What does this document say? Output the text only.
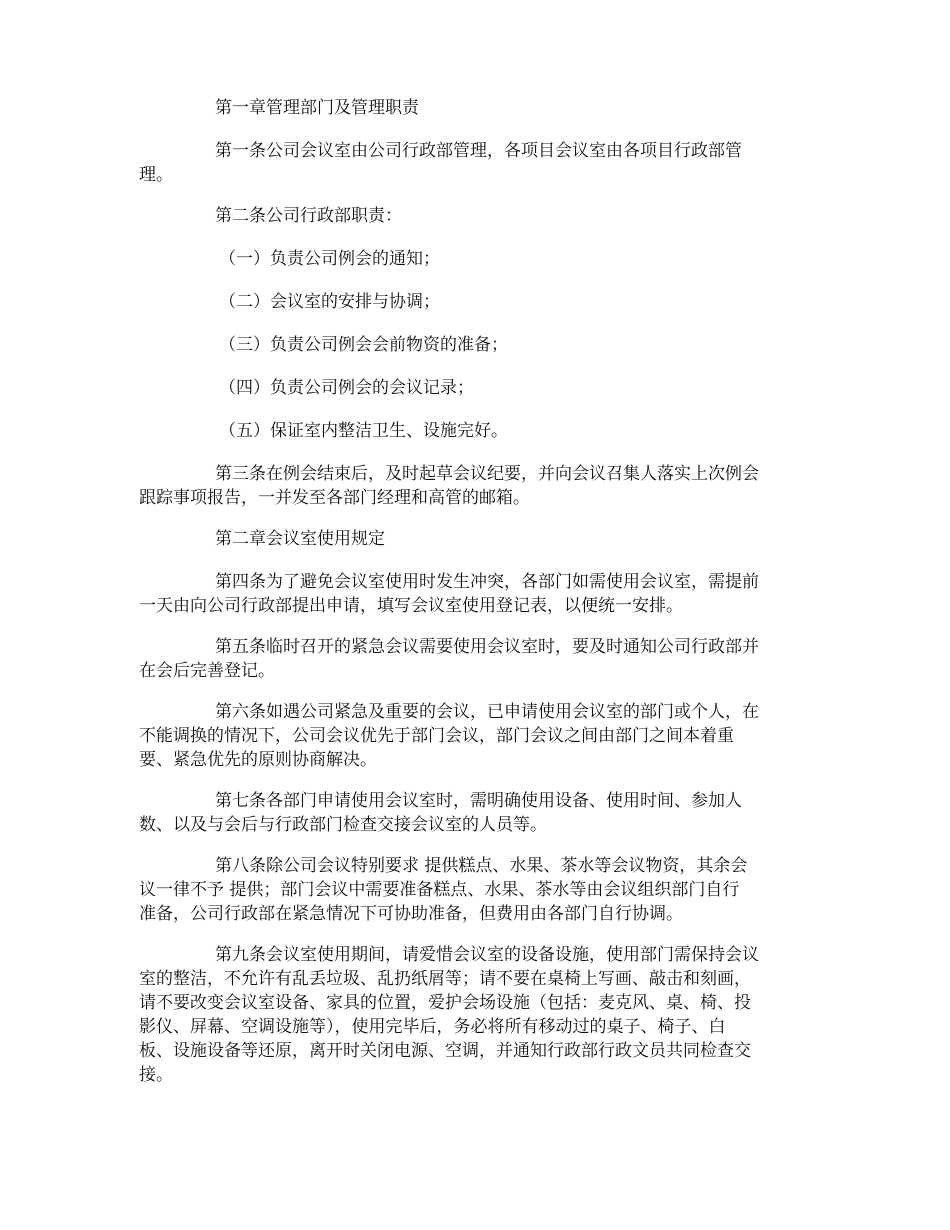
第一章管理部门及管理职责

第一条公司会议室由公司行政部管理，各项目会议室由各项目行政部管

理。

第二条公司行政部职责：

（一）负责公司例会的通知；

（二）会议室的安排与协调；

（三）负责公司例会会前物资的准备；

（四）负责公司例会的会议记录；

（五）保证室内整洁卫生、设施完好。

第三条在例会结束后，及时起草会议纪要，并向会议召集人落实上次例会

跟踪事项报告，一并发至各部门经理和高管的邮箱。

第二章会议室使用规定

第四条为了避免会议室使用时发生冲突，各部门如需使用会议室，需提前

一天由向公司行政部提出申请，填写会议室使用登记表，以便统一安排。

第五条临时召开的紧急会议需要使用会议室时，要及时通知公司行政部并

在会后完善登记。

第六条如遇公司紧急及重要的会议，已申请使用会议室的部门或个人，在

不能调换的情况下，公司会议优先于部门会议，部门会议之间由部门之间本着重

要、紧急优先的原则协商解决。

第七条各部门申请使用会议室时，需明确使用设备、使用时间、参加人

数、以及与会后与行政部门检查交接会议室的人员等。

第八条除公司会议特别要求 提供糕点、水果、茶水等会议物资，其余会

议一律不予 提供；部门会议中需要准备糕点、水果、茶水等由会议组织部门自行

准备，公司行政部在紧急情况下可协助准备，但费用由各部门自行协调。

第九条会议室使用期间，请爱惜会议室的设备设施，使用部门需保持会议

室的整洁，不允许有乱丢垃圾、乱扔纸屑等；请不要在桌椅上写画、敲击和刻画，

请不要改变会议室设备、家具的位置，爱护会场设施（包括：麦克风、桌、椅、投

影仪、屏幕、空调设施等），使用完毕后，务必将所有移动过的桌子、椅子、白

板、设施设备等还原，离开时关闭电源、空调，并通知行政部行政文员共同检查交

接。
